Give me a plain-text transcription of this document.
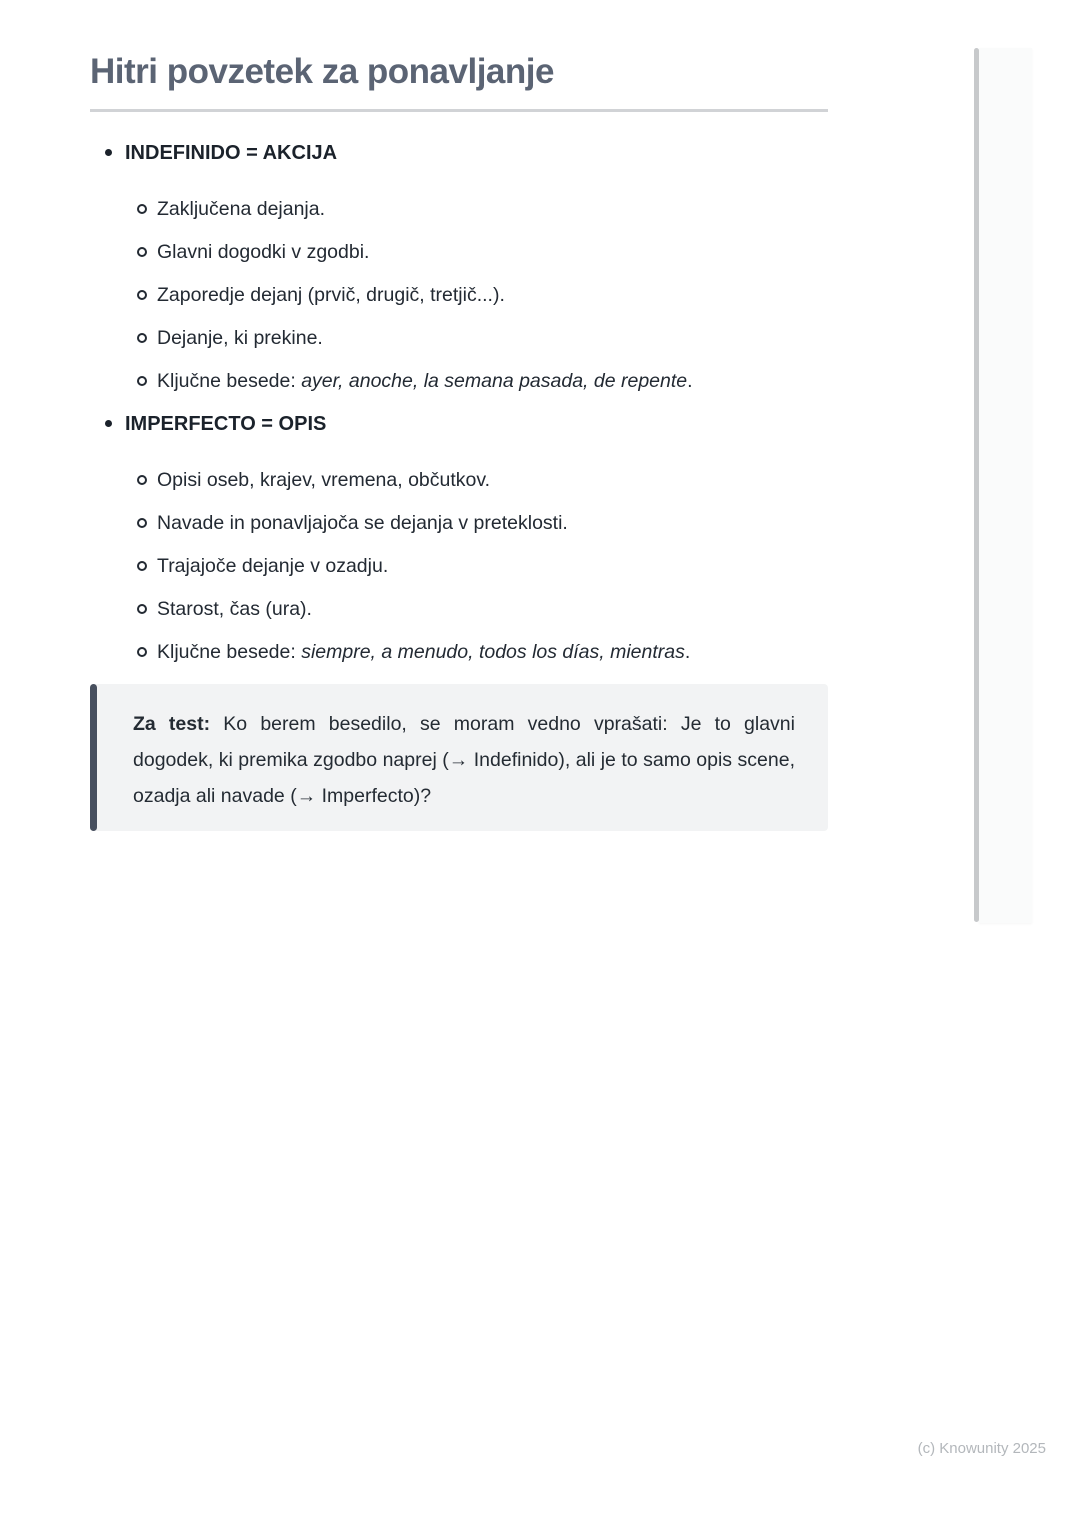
Hitri povzetek za ponavljanje
INDEFINIDO = AKCIJA
Zaključena dejanja.
Glavni dogodki v zgodbi.
Zaporedje dejanj (prvič, drugič, tretjič...).
Dejanje, ki prekine.
Ključne besede: ayer, anoche, la semana pasada, de repente.
IMPERFECTO = OPIS
Opisi oseb, krajev, vremena, občutkov.
Navade in ponavljajoča se dejanja v preteklosti.
Trajajoče dejanje v ozadju.
Starost, čas (ura).
Ključne besede: siempre, a menudo, todos los días, mientras.
Za test: Ko berem besedilo, se moram vedno vprašati: Je to glavni dogodek, ki premika zgodbo naprej (→ Indefinido), ali je to samo opis scene, ozadja ali navade (→ Imperfecto)?
(c) Knowunity 2025
